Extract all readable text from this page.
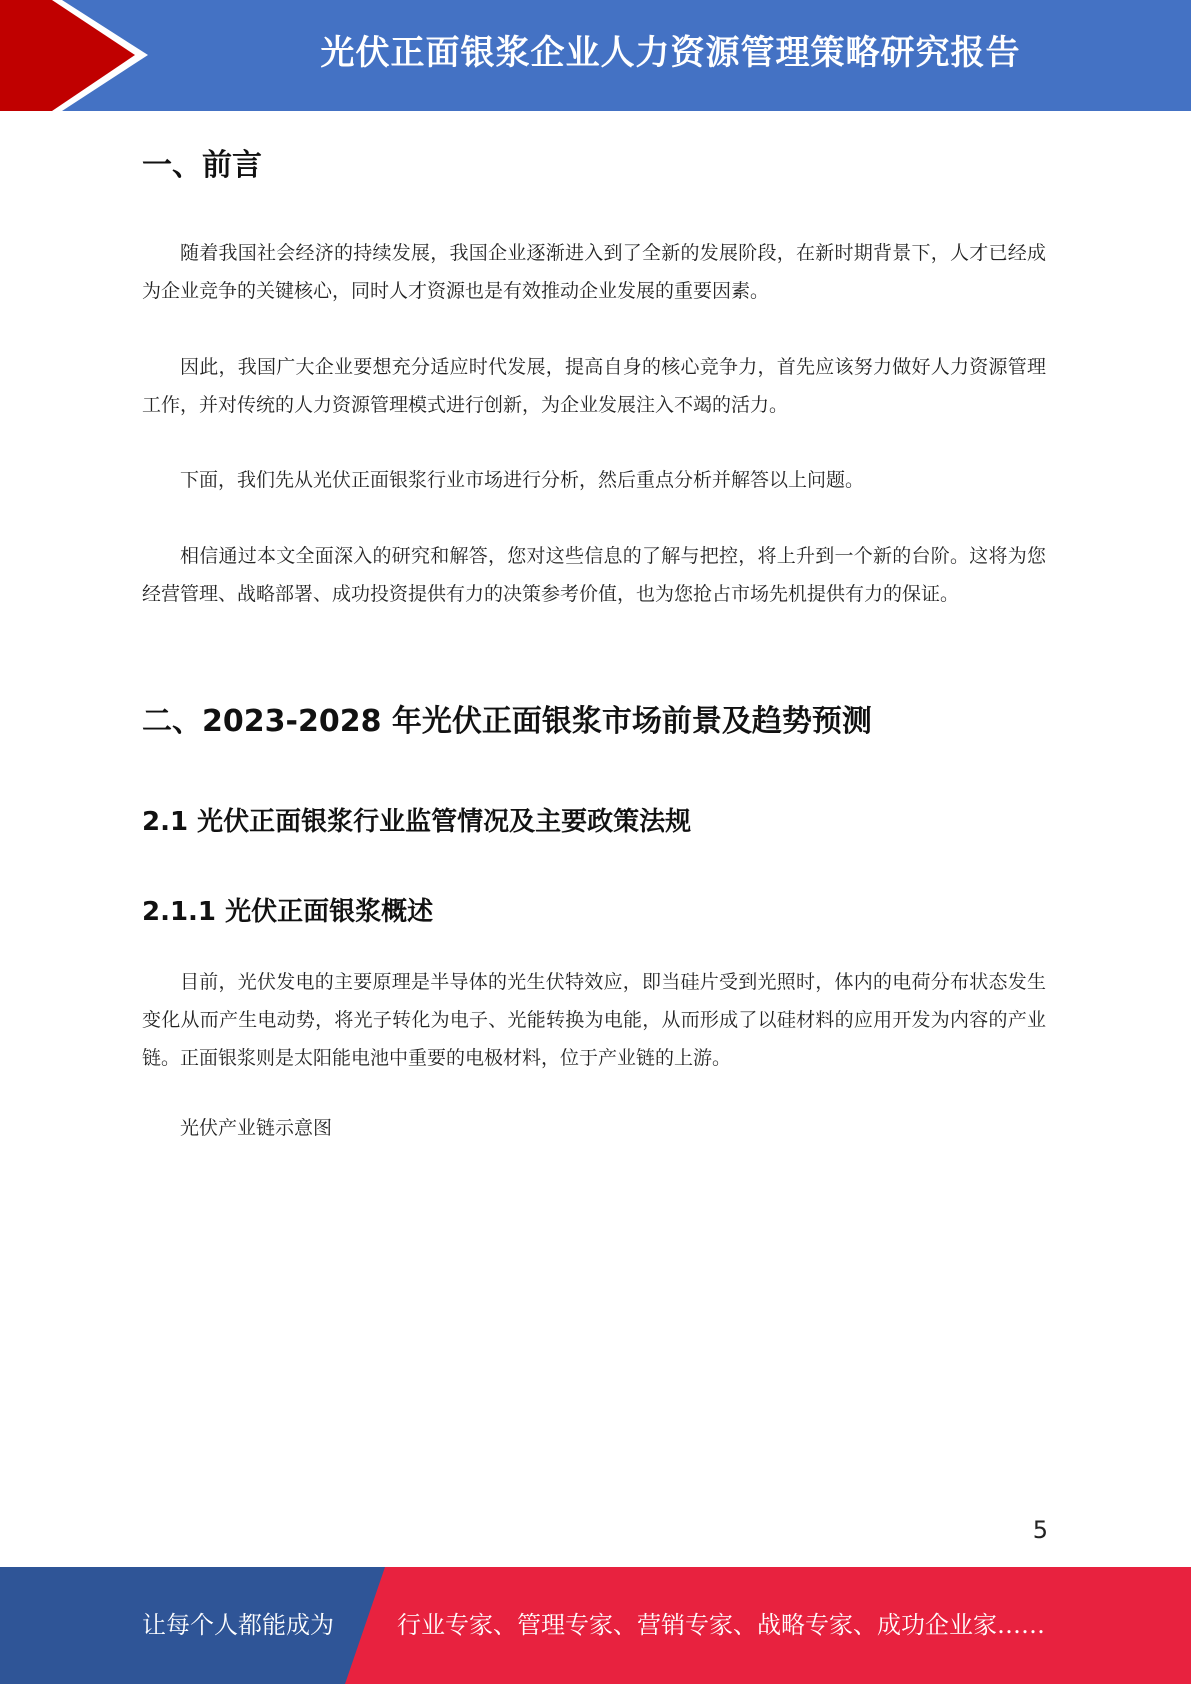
光伏正面银浆企业人力资源管理策略研究报告
一、前言

随着我国社会经济的持续发展，我国企业逐渐进入到了全新的发展阶段，在新时期背景下，人才已经成为企业竞争的关键核心，同时人才资源也是有效推动企业发展的重要因素。

因此，我国广大企业要想充分适应时代发展，提高自身的核心竞争力，首先应该努力做好人力资源管理工作，并对传统的人力资源管理模式进行创新，为企业发展注入不竭的活力。

下面，我们先从光伏正面银浆行业市场进行分析，然后重点分析并解答以上问题。

相信通过本文全面深入的研究和解答，您对这些信息的了解与把控，将上升到一个新的台阶。这将为您经营管理、战略部署、成功投资提供有力的决策参考价值，也为您抢占市场先机提供有力的保证。

二、2023-2028 年光伏正面银浆市场前景及趋势预测
2.1 光伏正面银浆行业监管情况及主要政策法规
2.1.1 光伏正面银浆概述

目前，光伏发电的主要原理是半导体的光生伏特效应，即当硅片受到光照时，体内的电荷分布状态发生变化从而产生电动势，将光子转化为电子、光能转换为电能，从而形成了以硅材料的应用开发为内容的产业链。正面银浆则是太阳能电池中重要的电极材料，位于产业链的上游。

光伏产业链示意图

5
让每个人都能成为	行业专家、管理专家、营销专家、战略专家、成功企业家……
